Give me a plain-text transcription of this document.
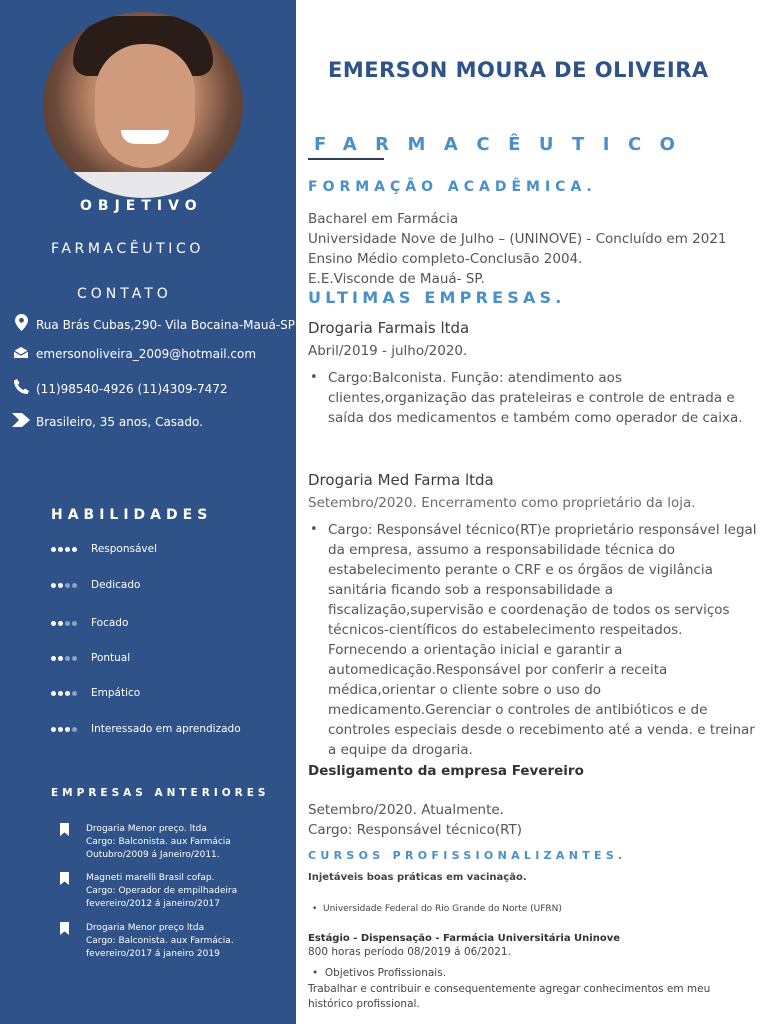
OBJETIVO
FARMACÊUTICO
CONTATO
Rua Brás Cubas,290- Vila Bocaina-Mauá-SP
emersonoliveira_2009@hotmail.com
(11)98540-4926 (11)4309-7472
Brasileiro, 35 anos, Casado.
HABILIDADES
Responsável
Dedicado
Focado
Pontual
Empático
Interessado em aprendizado
EMPRESAS ANTERIORES
Drogaria Menor preço. ltda
Cargo: Balconista. aux Farmácia
Outubro/2009 á Janeiro/2011.
Magneti marelli Brasil cofap.
Cargo: Operador de empilhadeira
fevereiro/2012 á janeiro/2017
Drogaria Menor preço ltda
Cargo: Balconista. aux Farmácia.
fevereiro/2017 á janeiro 2019
EMERSON MOURA DE OLIVEIRA
FARMACÊUTICO
FORMAÇÃO ACADÊMICA.
Bacharel em Farmácia
Universidade Nove de Julho – (UNINOVE) - Concluído em 2021
Ensino Médio completo-Conclusão 2004.
E.E.Visconde de Mauá- SP.
ULTIMAS EMPRESAS.
Drogaria Farmais ltda
Abril/2019 - julho/2020.
• Cargo:Balconista. Função: atendimento aos clientes,organização das prateleiras e controle de entrada e saída dos medicamentos e também como operador de caixa.
Drogaria Med Farma ltda
Setembro/2020. Encerramento como proprietário da loja.
• Cargo: Responsável técnico(RT)e proprietário responsável legal da empresa, assumo a responsabilidade técnica do estabelecimento perante o CRF e os órgãos de vigilância sanitária ficando sob a responsabilidade a fiscalização,supervisão e coordenação de todos os serviços técnicos-científicos do estabelecimento respeitados. Fornecendo a orientação inicial e garantir a automedicação.Responsável por conferir a receita médica,orientar o cliente sobre o uso do medicamento.Gerenciar o controles de antibióticos e de controles especiais desde o recebimento até a venda. e treinar a equipe da drogaria.
Desligamento da empresa Fevereiro
Setembro/2020. Atualmente.
Cargo: Responsável técnico(RT)
CURSOS PROFISSIONALIZANTES.
Injetáveis boas práticas em vacinação.
•  Universidade Federal do Rio Grande do Norte (UFRN)
Estágio - Dispensação - Farmácia Universitária Uninove
800 horas período 08/2019 á 06/2021.
•  Objetivos Profissionais.
Trabalhar e contribuir e consequentemente agregar conhecimentos em meu
histórico profissional.
